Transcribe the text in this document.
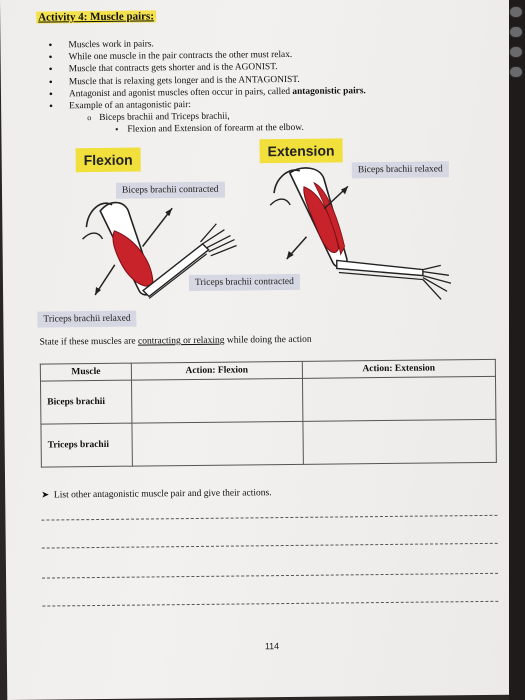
Activity 4: Muscle pairs:
• Muscles work in pairs.
• While one muscle in the pair contracts the other must relax.
• Muscle that contracts gets shorter and is the AGONIST.
• Muscle that is relaxing gets longer and is the ANTAGONIST.
• Antagonist and agonist muscles often occur in pairs, called antagonistic pairs.
• Example of an antagonistic pair:
o Biceps brachii and Triceps brachii,
▪ Flexion and Extension of forearm at the elbow.
Flexion
Extension
Biceps brachii relaxed
Biceps brachii contracted
Triceps brachii contracted
Triceps brachii relaxed
State if these muscles are contracting or relaxing while doing the action
Muscle	Action: Flexion	Action: Extension
Biceps brachii		
Triceps brachii		
➤ List other antagonistic muscle pair and give their actions.
114
